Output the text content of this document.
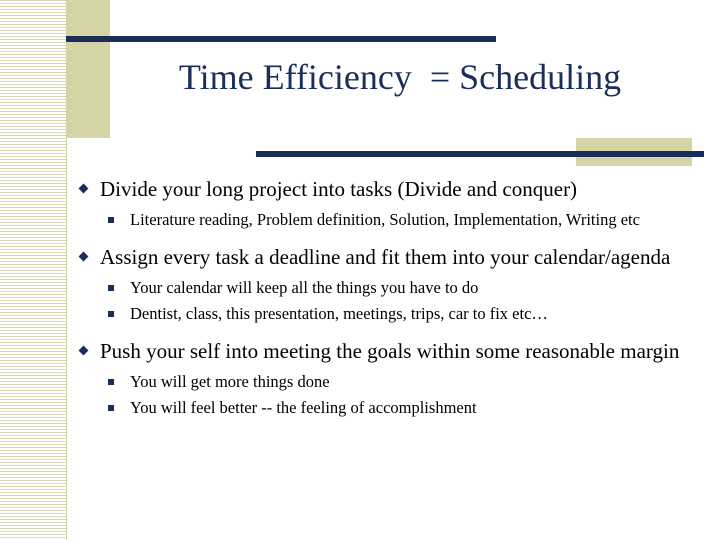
Time Efficiency  = Scheduling
Divide your long project into tasks (Divide and conquer)
Literature reading, Problem definition, Solution, Implementation, Writing etc
Assign every task a deadline and fit them into your calendar/agenda
Your calendar will keep all the things you have to do
Dentist, class, this presentation, meetings, trips, car to fix etc…
Push your self into meeting the goals within some reasonable margin
You will get more things done
You will feel better -- the feeling of accomplishment
